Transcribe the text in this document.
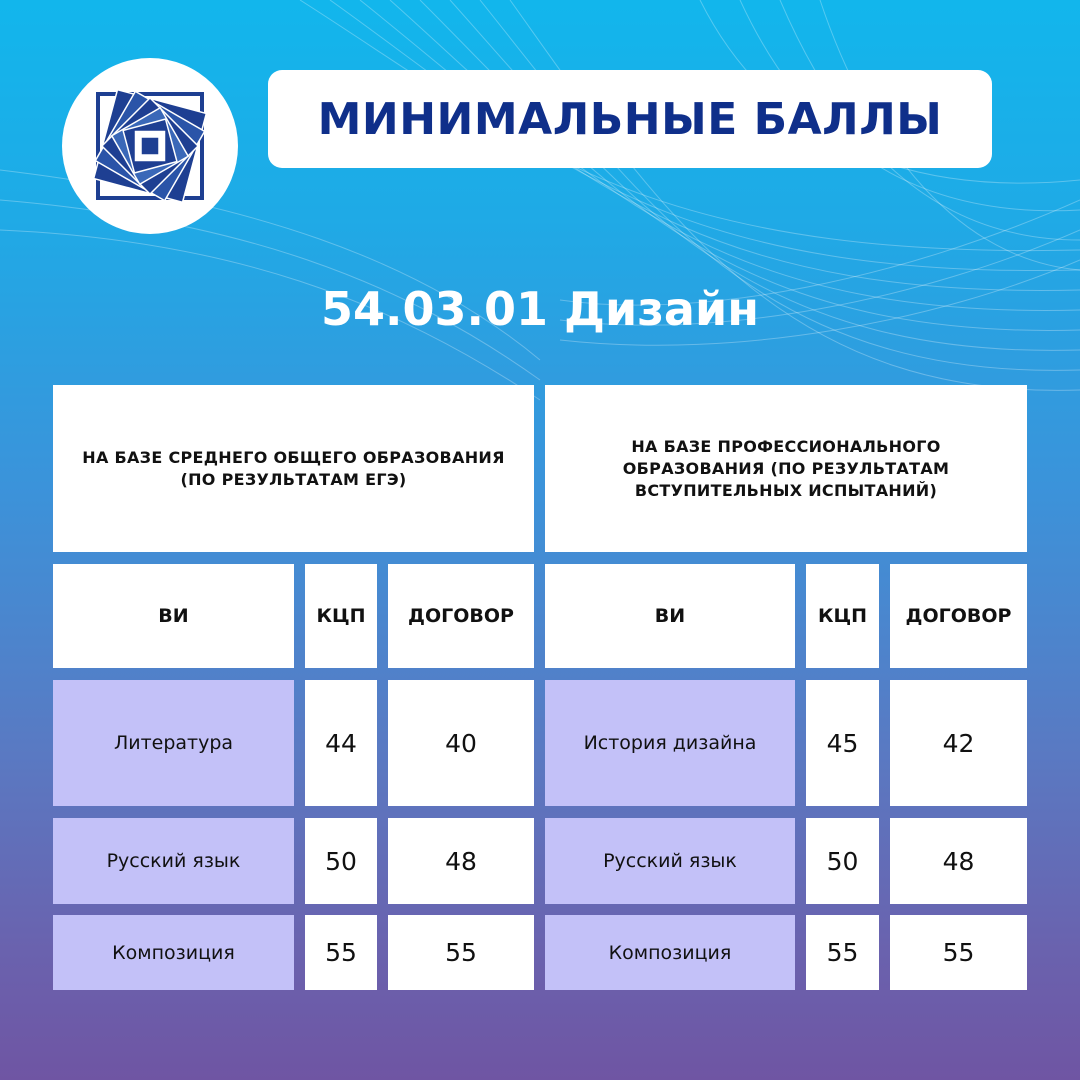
МИНИМАЛЬНЫЕ БАЛЛЫ
54.03.01 Дизайн
НА БАЗЕ СРЕДНЕГО ОБЩЕГО ОБРАЗОВАНИЯ (ПО РЕЗУЛЬТАТАМ ЕГЭ)
ВИ	КЦП	ДОГОВОР
Литература	44	40
Русский язык	50	48
Композиция	55	55
НА БАЗЕ ПРОФЕССИОНАЛЬНОГО ОБРАЗОВАНИЯ (ПО РЕЗУЛЬТАТАМ ВСТУПИТЕЛЬНЫХ ИСПЫТАНИЙ)
ВИ	КЦП	ДОГОВОР
История дизайна	45	42
Русский язык	50	48
Композиция	55	55
